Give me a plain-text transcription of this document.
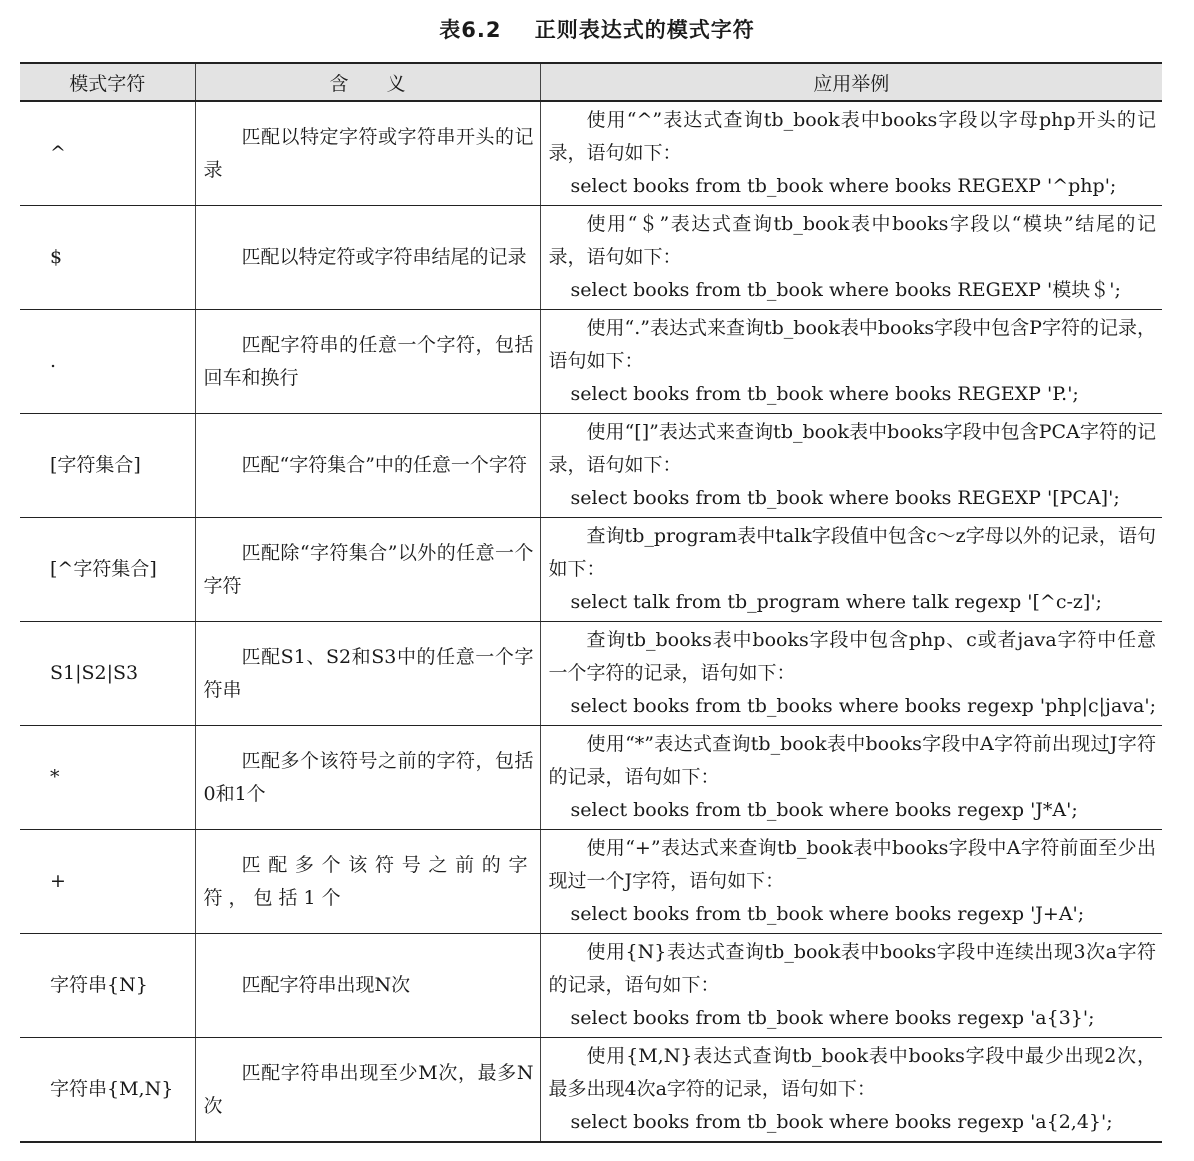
表6.2    正则表达式的模式字符
模式字符	含　　义	应用举例
^	匹配以特定字符或字符串开头的记录	使用“^”表达式查询tb_book表中books字段以字母php开头的记录，语句如下：
select books from tb_book where books REGEXP '^php';

$	匹配以特定符或字符串结尾的记录	使用“＄”表达式查询tb_book表中books字段以“模块”结尾的记录，语句如下：
select books from tb_book where books REGEXP '模块＄';

.	匹配字符串的任意一个字符，包括回车和换行	使用“.”表达式来查询tb_book表中books字段中包含P字符的记录，语句如下：
select books from tb_book where books REGEXP 'P.';

[字符集合]	匹配“字符集合”中的任意一个字符	使用“[]”表达式来查询tb_book表中books字段中包含PCA字符的记录，语句如下：
select books from tb_book where books REGEXP '[PCA]';

[^字符集合]	匹配除“字符集合”以外的任意一个字符	查询tb_program表中talk字段值中包含c～z字母以外的记录，语句如下：
select talk from tb_program where talk regexp '[^c-z]';

S1|S2|S3	匹配S1、S2和S3中的任意一个字符串	查询tb_books表中books字段中包含php、c或者java字符中任意一个字符的记录，语句如下：
select books from tb_books where books regexp 'php|c|java';

*	匹配多个该符号之前的字符，包括0和1个	使用“*”表达式查询tb_book表中books字段中A字符前出现过J字符的记录，语句如下：
select books from tb_book where books regexp 'J*A';

+	匹配多个该符号之前的字符，包括1个	使用“+”表达式来查询tb_book表中books字段中A字符前面至少出现过一个J字符，语句如下：
select books from tb_book where books regexp 'J+A';

字符串{N}	匹配字符串出现N次	使用{N}表达式查询tb_book表中books字段中连续出现3次a字符的记录，语句如下：
select books from tb_book where books regexp 'a{3}';

字符串{M,N}	匹配字符串出现至少M次，最多N次	使用{M,N}表达式查询tb_book表中books字段中最少出现2次，最多出现4次a字符的记录，语句如下：
select books from tb_book where books regexp 'a{2,4}';
